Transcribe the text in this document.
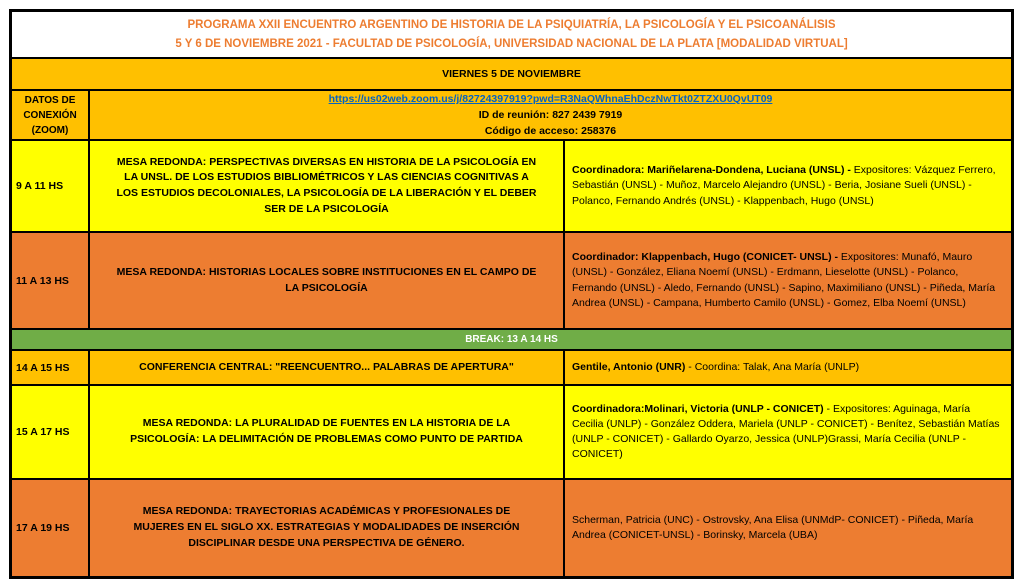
PROGRAMA XXII ENCUENTRO ARGENTINO DE HISTORIA DE LA PSIQUIATRÍA, LA PSICOLOGÍA Y EL PSICOANÁLISIS
5 Y 6 DE NOVIEMBRE 2021 - FACULTAD DE PSICOLOGÍA, UNIVERSIDAD NACIONAL DE LA PLATA [MODALIDAD VIRTUAL]
VIERNES 5 DE NOVIEMBRE
DATOS DE CONEXIÓN (ZOOM)
https://us02web.zoom.us/j/82724397919?pwd=R3NaQWhnaEhDczNwTkt0ZTZXU0QvUT09
ID de reunión: 827 2439 7919
Código de acceso: 258376
9 A 11 HS
MESA REDONDA: PERSPECTIVAS DIVERSAS EN HISTORIA DE LA PSICOLOGÍA EN LA UNSL. DE LOS ESTUDIOS BIBLIOMÉTRICOS Y LAS CIENCIAS COGNITIVAS A LOS ESTUDIOS DECOLONIALES, LA PSICOLOGÍA DE LA LIBERACIÓN Y EL DEBER SER DE LA PSICOLOGÍA
Coordinadora: Mariñelarena-Dondena, Luciana (UNSL) - Expositores: Vázquez Ferrero, Sebastián (UNSL) - Muñoz, Marcelo Alejandro (UNSL) - Beria, Josiane Sueli (UNSL) - Polanco, Fernando Andrés (UNSL) - Klappenbach, Hugo (UNSL)
11 A 13 HS
MESA REDONDA: HISTORIAS LOCALES SOBRE INSTITUCIONES EN EL CAMPO DE LA PSICOLOGÍA
Coordinador: Klappenbach, Hugo (CONICET- UNSL) - Expositores: Munafó, Mauro (UNSL) - González, Eliana Noemí (UNSL) - Erdmann, Lieselotte (UNSL) - Polanco, Fernando (UNSL) - Aledo, Fernando (UNSL) - Sapino, Maximiliano (UNSL) - Piñeda, María Andrea (UNSL) - Campana, Humberto Camilo (UNSL) - Gomez, Elba Noemí (UNSL)
BREAK: 13 A 14 HS
14 A 15 HS	CONFERENCIA CENTRAL: "REENCUENTRO... PALABRAS DE APERTURA"	Gentile, Antonio (UNR) - Coordina: Talak, Ana María (UNLP)
15 A 17 HS
MESA REDONDA: LA PLURALIDAD DE FUENTES EN LA HISTORIA DE LA PSICOLOGÍA: LA DELIMITACIÓN DE PROBLEMAS COMO PUNTO DE PARTIDA
Coordinadora:Molinari, Victoria (UNLP - CONICET) - Expositores: Aguinaga, María Cecilia (UNLP) - González Oddera, Mariela (UNLP - CONICET) - Benítez, Sebastián Matías (UNLP - CONICET) - Gallardo Oyarzo, Jessica (UNLP)Grassi, María Cecilia (UNLP - CONICET)
17 A 19 HS
MESA REDONDA: TRAYECTORIAS ACADÉMICAS Y PROFESIONALES DE MUJERES EN EL SIGLO XX. ESTRATEGIAS Y MODALIDADES DE INSERCIÓN DISCIPLINAR DESDE UNA PERSPECTIVA DE GÉNERO.
Scherman, Patricia (UNC) - Ostrovsky, Ana Elisa (UNMdP- CONICET) - Piñeda, María Andrea (CONICET-UNSL) - Borinsky, Marcela (UBA)
